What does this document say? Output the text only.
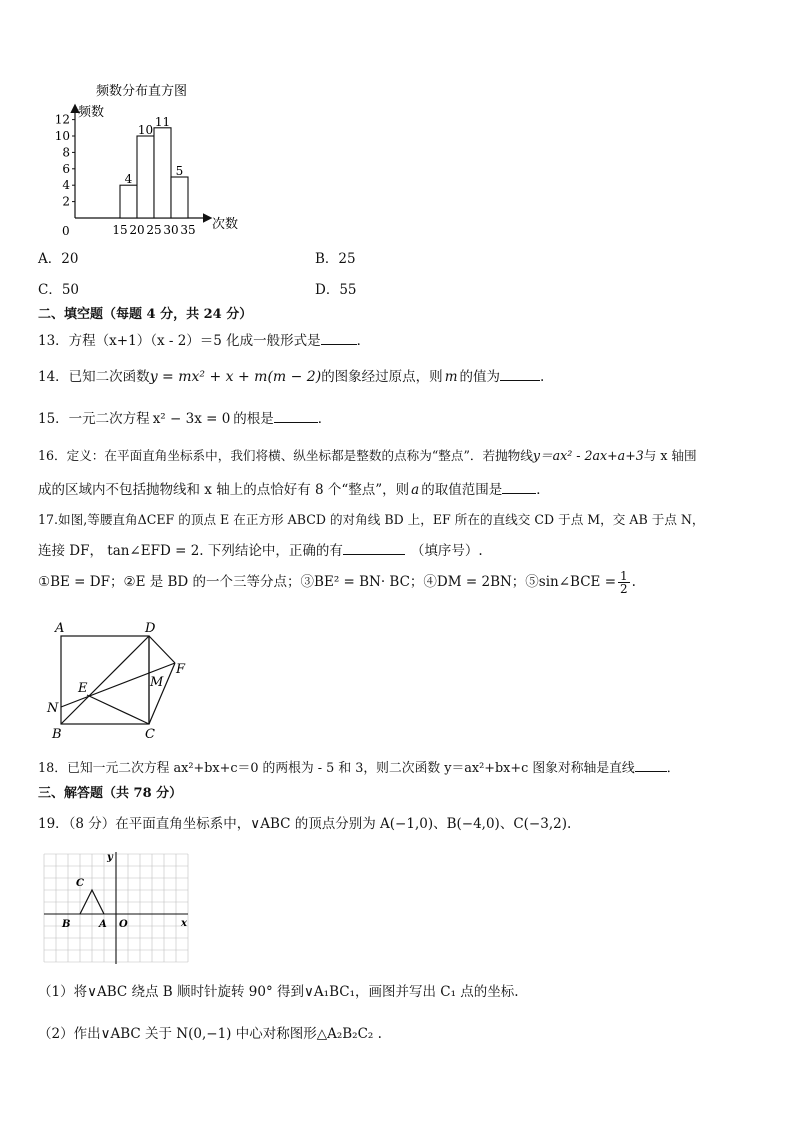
频数分布直方图
频数
次数
0
2
4
6
8
10
12
15 20 25 30 35
4
10
11
5
A．20	B．25
C．50	D．55
二、填空题（每题 4 分，共 24 分）
13．方程（x+1）（x - 2）＝5 化成一般形式是	．
14．已知二次函数y = mx² + x + m(m − 2)的图象经过原点，则 m 的值为	.
15．一元二次方程 x² − 3x = 0 的根是	．
16．定义：在平面直角坐标系中，我们将横、纵坐标都是整数的点称为“整点”．若抛物线y＝ax² - 2ax+a+3与 x 轴围
成的区域内不包括抛物线和 x 轴上的点恰好有 8 个“整点”，则 a 的取值范围是	．
17.如图,等腰直角ΔCEF 的顶点 E 在正方形 ABCD 的对角线 BD 上，EF 所在的直线交 CD 于点 M，交 AB 于点 N，
连接 DF， tan∠EFD = 2. 下列结论中，正确的有	（填序号）.
①BE = DF；②E 是 BD 的一个三等分点；③BE² = BN· BC；④DM = 2BN；⑤sin∠BCE = $\frac{1}{2}$ .
A	D
F
M
E
N
B	C
18．已知一元二次方程 ax²+bx+c＝0 的两根为 - 5 和 3，则二次函数 y＝ax²+bx+c 图象对称轴是直线	．
三、解答题（共 78 分）
19．（8 分）在平面直角坐标系中，∨ABC 的顶点分别为 A(−1,0)、B(−4,0)、C(−3,2).
y
x
C
B	A O
（1）将∨ABC 绕点 B 顺时针旋转 90° 得到∨A₁BC₁，画图并写出 C₁ 点的坐标.
（2）作出∨ABC 关于 N(0,−1) 中心对称图形△A₂B₂C₂ .
